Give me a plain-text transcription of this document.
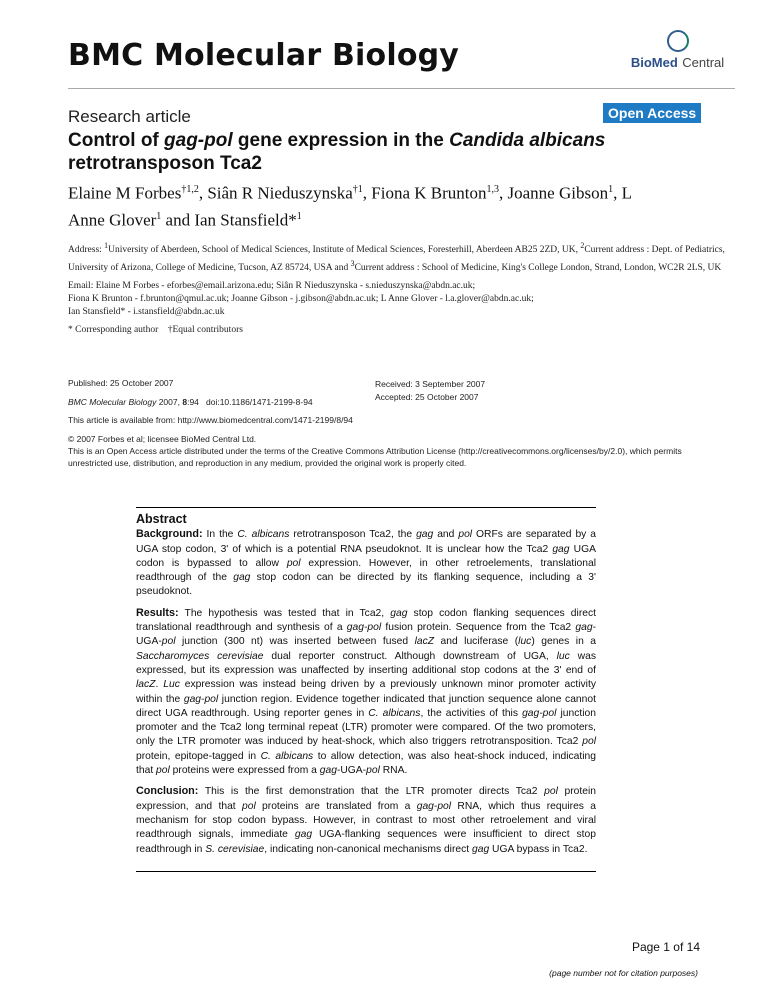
BMC Molecular Biology	BioMed Central
Research article	Open Access
Control of gag-pol gene expression in the Candida albicans retrotransposon Tca2
Elaine M Forbes$^{\dagger 1,2}$, Siân R Nieduszynska$^{\dagger 1}$, Fiona K Brunton$^{1,3}$, Joanne Gibson$^1$, L Anne Glover$^1$ and Ian Stansfield*$^1$
Address: $^1$University of Aberdeen, School of Medical Sciences, Institute of Medical Sciences, Foresterhill, Aberdeen AB25 2ZD, UK, $^2$Current address : Dept. of Pediatrics, University of Arizona, College of Medicine, Tucson, AZ 85724, USA and $^3$Current address : School of Medicine, King's College London, Strand, London, WC2R 2LS, UK
Email: Elaine M Forbes - eforbes@email.arizona.edu; Siân R Nieduszynska - s.nieduszynska@abdn.ac.uk;
Fiona K Brunton - f.brunton@qmul.ac.uk; Joanne Gibson - j.gibson@abdn.ac.uk; L Anne Glover - l.a.glover@abdn.ac.uk;
Ian Stansfield* - i.stansfield@abdn.ac.uk
* Corresponding author    †Equal contributors
Published: 25 October 2007
BMC Molecular Biology 2007, 8:94   doi:10.1186/1471-2199-8-94
Received: 3 September 2007
Accepted: 25 October 2007
This article is available from: http://www.biomedcentral.com/1471-2199/8/94
© 2007 Forbes et al; licensee BioMed Central Ltd.
This is an Open Access article distributed under the terms of the Creative Commons Attribution License (http://creativecommons.org/licenses/by/2.0), which permits unrestricted use, distribution, and reproduction in any medium, provided the original work is properly cited.
Abstract

Background: In the C. albicans retrotransposon Tca2, the gag and pol ORFs are separated by a UGA stop codon, 3' of which is a potential RNA pseudoknot. It is unclear how the Tca2 gag UGA codon is bypassed to allow pol expression. However, in other retroelements, translational readthrough of the gag stop codon can be directed by its flanking sequence, including a 3' pseudoknot.

Results: The hypothesis was tested that in Tca2, gag stop codon flanking sequences direct translational readthrough and synthesis of a gag-pol fusion protein. Sequence from the Tca2 gag-UGA-pol junction (300 nt) was inserted between fused lacZ and luciferase (luc) genes in a Saccharomyces cerevisiae dual reporter construct. Although downstream of UGA, luc was expressed, but its expression was unaffected by inserting additional stop codons at the 3' end of lacZ. Luc expression was instead being driven by a previously unknown minor promoter activity within the gag-pol junction region. Evidence together indicated that junction sequence alone cannot direct UGA readthrough. Using reporter genes in C. albicans, the activities of this gag-pol junction promoter and the Tca2 long terminal repeat (LTR) promoter were compared. Of the two promoters, only the LTR promoter was induced by heat-shock, which also triggers retrotransposition. Tca2 pol protein, epitope-tagged in C. albicans to allow detection, was also heat-shock induced, indicating that pol proteins were expressed from a gag-UGA-pol RNA.

Conclusion: This is the first demonstration that the LTR promoter directs Tca2 pol protein expression, and that pol proteins are translated from a gag-pol RNA, which thus requires a mechanism for stop codon bypass. However, in contrast to most other retroelement and viral readthrough signals, immediate gag UGA-flanking sequences were insufficient to direct stop readthrough in S. cerevisiae, indicating non-canonical mechanisms direct gag UGA bypass in Tca2.

Page 1 of 14
(page number not for citation purposes)
